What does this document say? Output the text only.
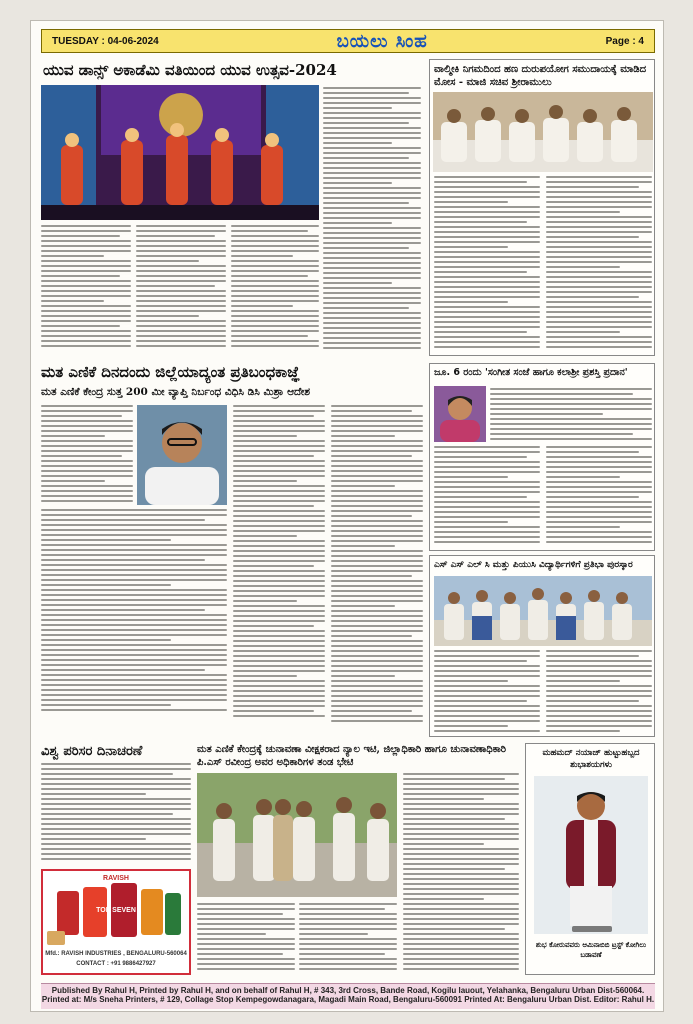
TUESDAY : 04-06-2024	ಬಯಲು ಸಿಂಹ	Page : 4
ಯುವ ಡಾನ್ಸ್ ಅಕಾಡೆಮಿ ವತಿಯಿಂದ ಯುವ ಉತ್ಸವ-2024	ವಾಲ್ಮೀಕಿ ನಿಗಮದಿಂದ ಹಣ ದುರುಪಯೋಗ ಸಮುದಾಯಕ್ಕೆ ಮಾಡಿದ ಮೋಸ - ಮಾಜಿ ಸಚಿವ ಶ್ರೀರಾಮುಲು
ಮತ ಎಣಿಕೆ ದಿನದಂದು ಜಿಲ್ಲೆಯಾದ್ಯಂತ ಪ್ರತಿಬಂಧಕಾಜ್ಞೆ
ಮತ ಎಣಿಕೆ ಕೇಂದ್ರ ಸುತ್ತ 200 ಮೀ ವ್ಯಾಪ್ತಿ ನಿರ್ಬಂಧ ವಿಧಿಸಿ ಡಿಸಿ ಮಿಶ್ರಾ ಆದೇಶ
ಜೂ. 6 ರಂದು 'ಸಂಗೀತ ಸಂಜೆ ಹಾಗೂ ಕಲಾಶ್ರೀ ಪ್ರಶಸ್ತಿ ಪ್ರದಾನ'
ಎಸ್ ಎಸ್ ಎಲ್ ಸಿ ಮತ್ತು ಪಿಯುಸಿ ವಿದ್ಯಾರ್ಥಿಗಳಿಗೆ ಪ್ರತಿಭಾ ಪುರಸ್ಕಾರ
ವಿಶ್ವ ಪರಿಸರ ದಿನಾಚರಣೆ
RAVISH
TOP SEVEN
Mfd.: RAVISH INDUSTRIES , BENGALURU-560064
CONTACT : +91 9886427927
ಮತ ಎಣಿಕೆ ಕೇಂದ್ರಕ್ಕೆ ಚುನಾವಣಾ ವೀಕ್ಷಕರಾದ ನ್ಯಾಲ ಇಟಿ, ಜಿಲ್ಲಾಧಿಕಾರಿ ಹಾಗೂ ಚುನಾವಣಾಧಿಕಾರಿ ಪಿ.ಎಸ್ ರವೀಂದ್ರ ಅವರ ಅಧಿಕಾರಿಗಳ ತಂಡ ಭೇಟಿ
ಮಹಮದ್ ನಯಾಜ್ ಹುಟ್ಟುಹಬ್ಬದ ಶುಭಾಶಯಗಳು
ಶುಭ ಕೋರುವವರು ಆಮಿನಾಬಿಬಿ ಟ್ರಸ್ಟ್ ಕೋಗಿಲು ಬಡಾವಣೆ
Published By Rahul H, Printed by Rahul H, and on behalf of Rahul H, # 343, 3rd Cross, Bande Road, Kogilu lauout, Yelahanka, Bengaluru Urban Dist-560064.
Printed at: M/s Sneha Printers, # 129, Collage Stop Kempegowdanagara, Magadi Main Road, Bengaluru-560091 Printed At: Bengaluru Urban Dist. Editor: Rahul H.
